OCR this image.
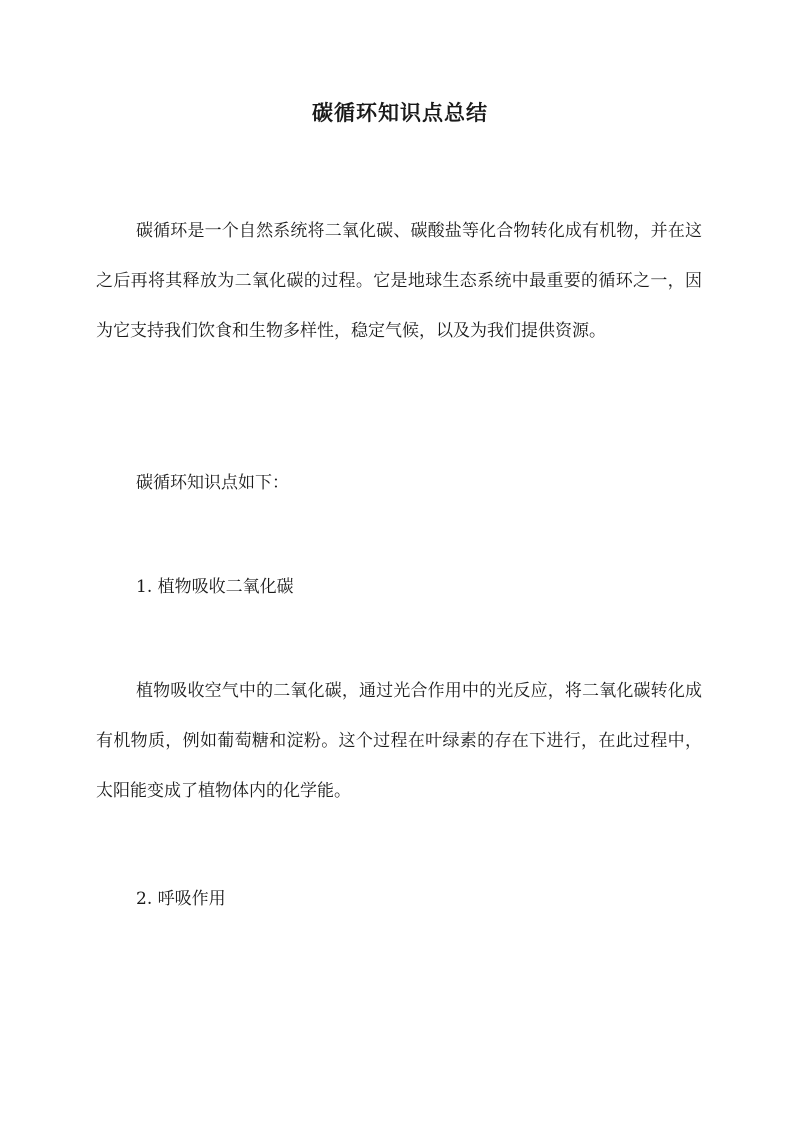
碳循环知识点总结

碳循环是一个自然系统将二氧化碳、碳酸盐等化合物转化成有机物，并在这之后再将其释放为二氧化碳的过程。它是地球生态系统中最重要的循环之一，因为它支持我们饮食和生物多样性，稳定气候，以及为我们提供资源。

碳循环知识点如下：

1. 植物吸收二氧化碳

植物吸收空气中的二氧化碳，通过光合作用中的光反应，将二氧化碳转化成有机物质，例如葡萄糖和淀粉。这个过程在叶绿素的存在下进行，在此过程中，太阳能变成了植物体内的化学能。

2. 呼吸作用
